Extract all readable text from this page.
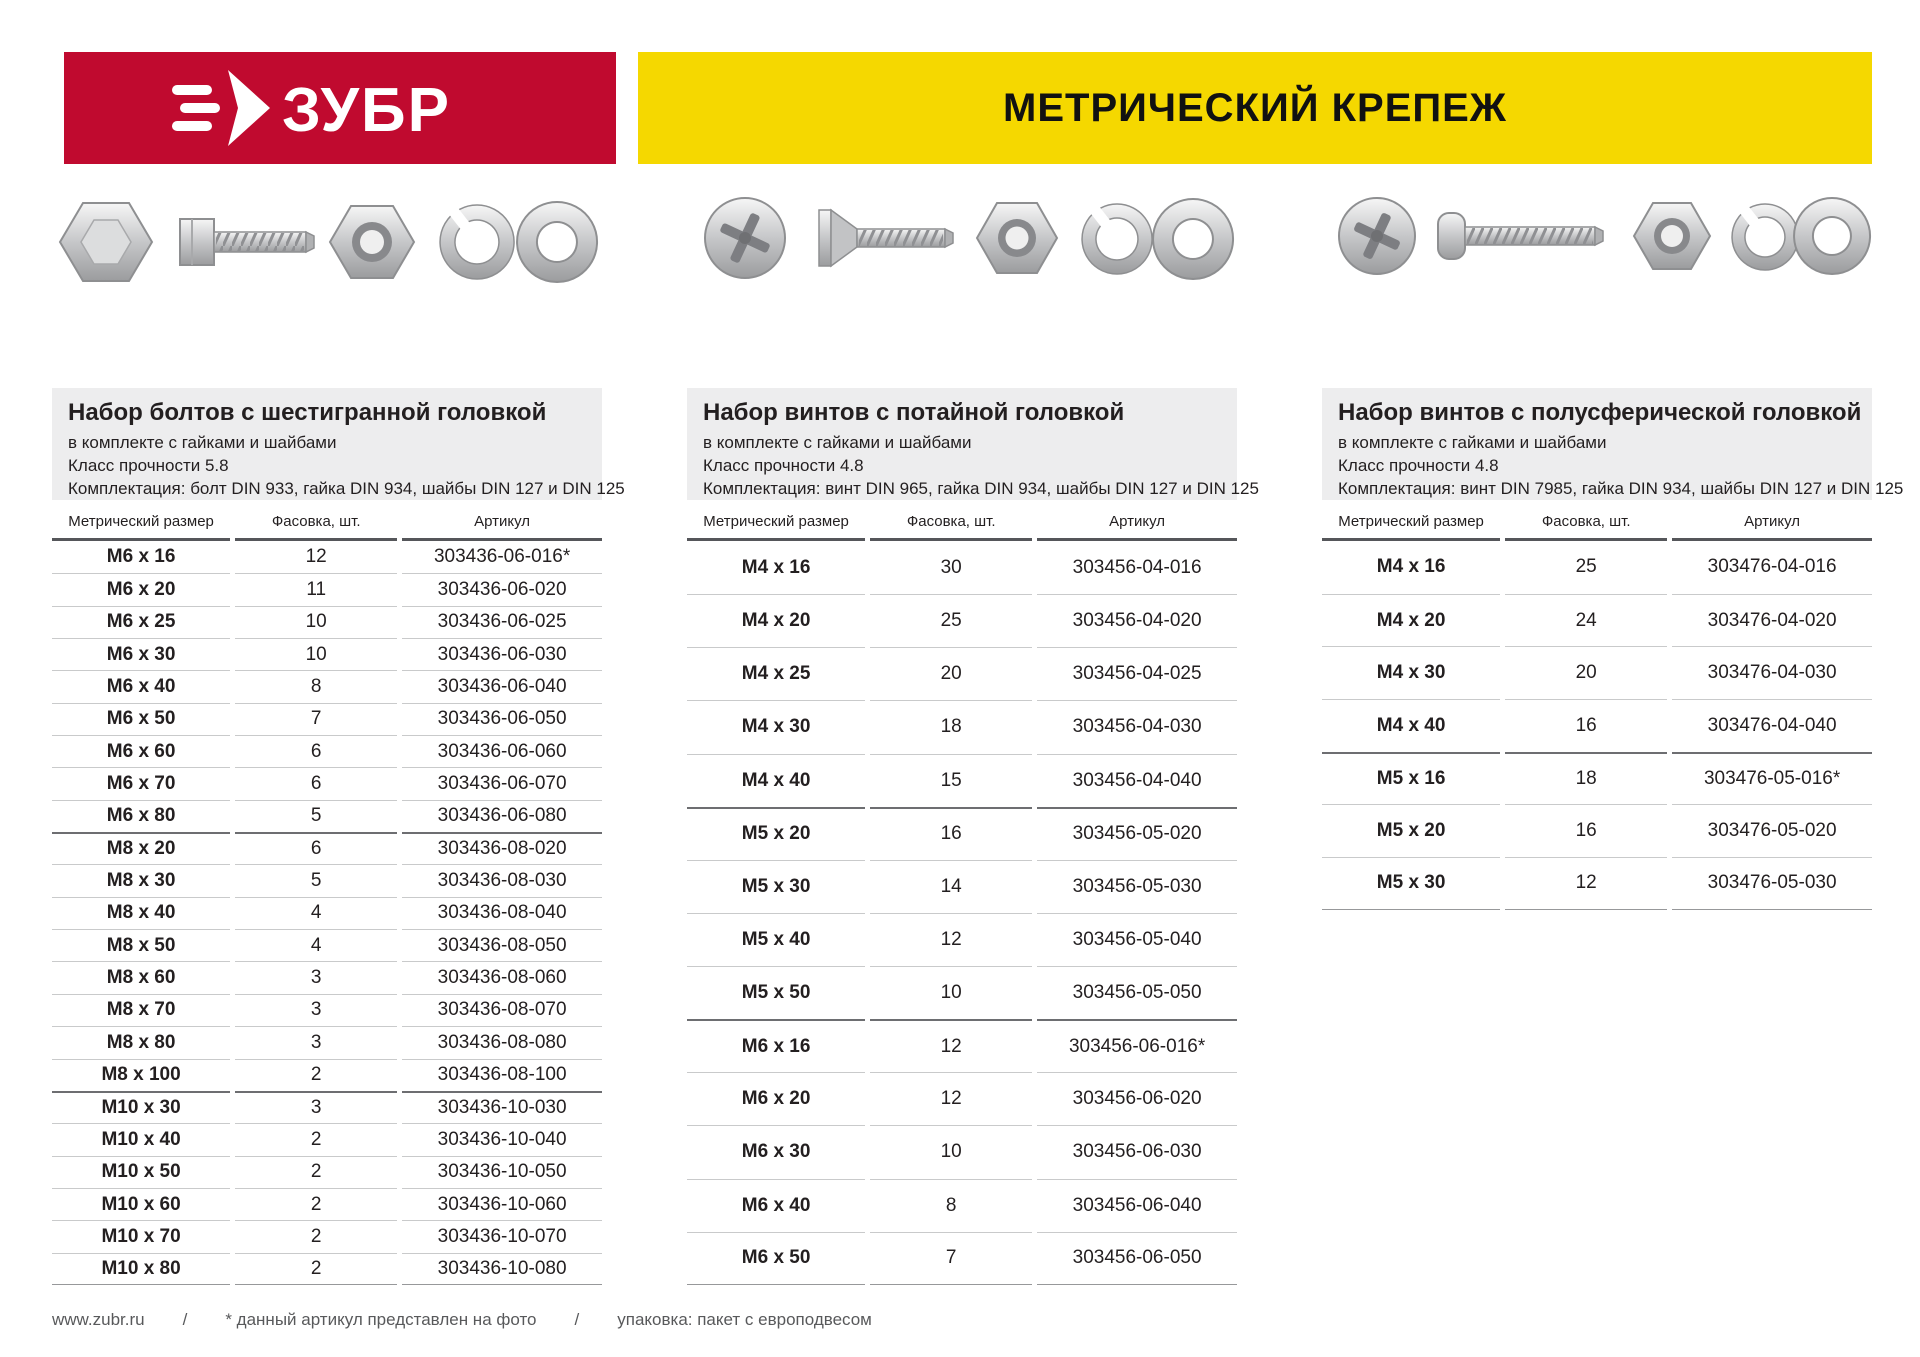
ЗУБР	МЕТРИЧЕСКИЙ КРЕПЕЖ
Набор болтов с шестигранной головкой

в комплекте с гайками и шайбами

Класс прочности 5.8

Комплектация: болт DIN 933, гайка DIN 934, шайбы DIN 127 и DIN 125

Метрический размер	Фасовка, шт.	Артикул
М6 х 16	12	303436-06-016*
М6 х 20	11	303436-06-020
М6 х 25	10	303436-06-025
М6 х 30	10	303436-06-030
М6 х 40	8	303436-06-040
М6 х 50	7	303436-06-050
М6 х 60	6	303436-06-060
М6 х 70	6	303436-06-070
М6 х 80	5	303436-06-080
М8 х 20	6	303436-08-020
М8 х 30	5	303436-08-030
М8 х 40	4	303436-08-040
М8 х 50	4	303436-08-050
М8 х 60	3	303436-08-060
М8 х 70	3	303436-08-070
М8 х 80	3	303436-08-080
М8 х 100	2	303436-08-100
М10 х 30	3	303436-10-030
М10 х 40	2	303436-10-040
М10 х 50	2	303436-10-050
М10 х 60	2	303436-10-060
М10 х 70	2	303436-10-070
М10 х 80	2	303436-10-080
Набор винтов с потайной головкой

в комплекте с гайками и шайбами

Класс прочности 4.8

Комплектация: винт DIN 965, гайка DIN 934, шайбы DIN 127 и DIN 125

Метрический размер	Фасовка, шт.	Артикул
М4 х 16	30	303456-04-016
М4 х 20	25	303456-04-020
М4 х 25	20	303456-04-025
М4 х 30	18	303456-04-030
М4 х 40	15	303456-04-040
М5 х 20	16	303456-05-020
М5 х 30	14	303456-05-030
М5 х 40	12	303456-05-040
М5 х 50	10	303456-05-050
М6 х 16	12	303456-06-016*
М6 х 20	12	303456-06-020
М6 х 30	10	303456-06-030
М6 х 40	8	303456-06-040
М6 х 50	7	303456-06-050
Набор винтов с полусферической головкой

в комплекте с гайками и шайбами

Класс прочности 4.8

Комплектация: винт DIN 7985, гайка DIN 934, шайбы DIN 127 и DIN 125

Метрический размер	Фасовка, шт.	Артикул
М4 х 16	25	303476-04-016
М4 х 20	24	303476-04-020
М4 х 30	20	303476-04-030
М4 х 40	16	303476-04-040
М5 х 16	18	303476-05-016*
М5 х 20	16	303476-05-020
М5 х 30	12	303476-05-030
www.zubr.ru / * данный артикул представлен на фото / упаковка: пакет с европодвесом
